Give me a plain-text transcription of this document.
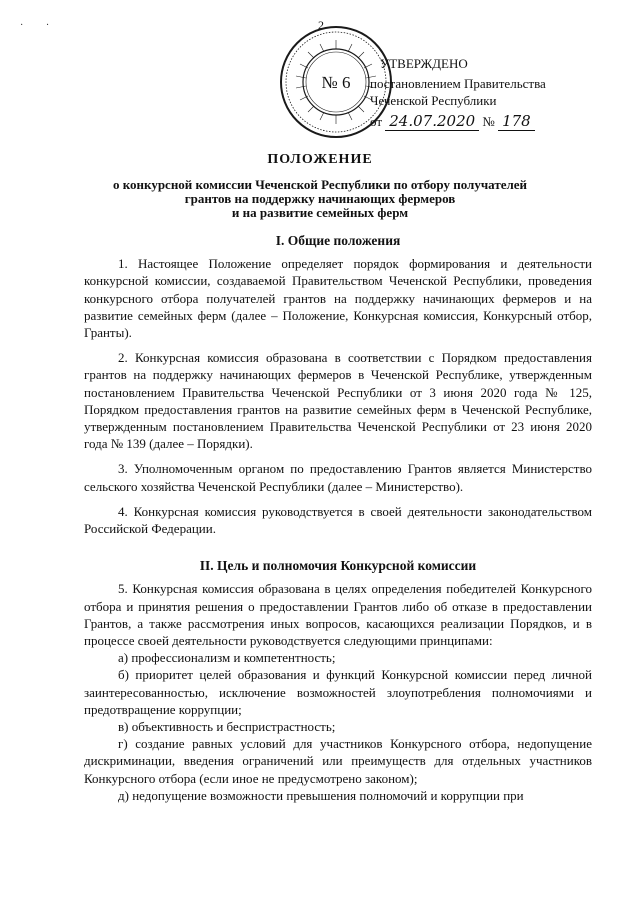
·         ·	2
№ 6
УТВЕРЖДЕНО
постановлением Правительства
Чеченской Республики
от 24.07.2020 № 178
ПОЛОЖЕНИЕ
о конкурсной комиссии Чеченской Республики по отбору получателей
грантов на поддержку начинающих фермеров
и на развитие семейных ферм
I. Общие положения

1. Настоящее Положение определяет порядок формирования и деятельности конкурсной комиссии, создаваемой Правительством Чеченской Республики, проведения конкурсного отбора получателей грантов на поддержку начинающих фермеров и на развитие семейных ферм (далее – Положение, Конкурсная комиссия, Конкурсный отбор, Гранты).

2. Конкурсная комиссия образована в соответствии с Порядком предоставления грантов на поддержку начинающих фермеров в Чеченской Республике, утвержденным постановлением Правительства Чеченской Республики от 3 июня 2020 года № 125, Порядком предоставления грантов на развитие семейных ферм в Чеченской Республике, утвержденным постановлением Правительства Чеченской Республики от 23 июня 2020 года № 139 (далее – Порядки).

3. Уполномоченным органом по предоставлению Грантов является Министерство сельского хозяйства Чеченской Республики (далее – Министерство).

4. Конкурсная комиссия руководствуется в своей деятельности законодательством Российской Федерации.

II. Цель и полномочия Конкурсной комиссии

5. Конкурсная комиссия образована в целях определения победителей Конкурсного отбора и принятия решения о предоставлении Грантов либо об отказе в предоставлении Грантов, а также рассмотрения иных вопросов, касающихся реализации Порядков, и в процессе своей деятельности руководствуется следующими принципами:

а) профессионализм и компетентность;

б) приоритет целей образования и функций Конкурсной комиссии перед личной заинтересованностью, исключение возможностей злоупотребления полномочиями и предотвращение коррупции;

в) объективность и беспристрастность;

г) создание равных условий для участников Конкурсного отбора, недопущение дискриминации, введения ограничений или преимуществ для отдельных участников Конкурсного отбора (если иное не предусмотрено законом);

д) недопущение возможности превышения полномочий и коррупции при
